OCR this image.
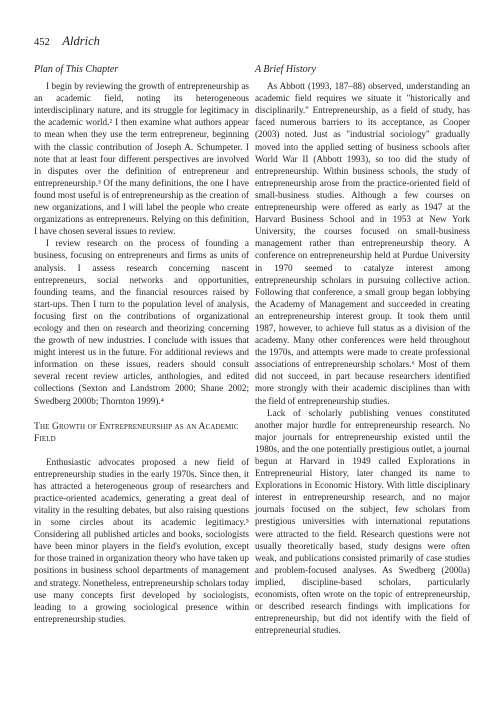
452 Aldrich
Plan of This Chapter

I begin by reviewing the growth of entrepreneurship as an academic field, noting its heterogeneous interdisciplinary nature, and its struggle for legitimacy in the academic world.² I then examine what authors appear to mean when they use the term entrepreneur, beginning with the classic contribution of Joseph A. Schumpeter. I note that at least four different perspectives are involved in disputes over the definition of entrepreneur and entrepreneurship.³ Of the many definitions, the one I have found most useful is of entrepreneurship as the creation of new organizations, and I will label the people who create organizations as entrepreneurs. Relying on this definition, I have chosen several issues to review.

I review research on the process of founding a business, focusing on entrepreneurs and firms as units of analysis. I assess research concerning nascent entrepreneurs, social networks and opportunities, founding teams, and the financial resources raised by start-ups. Then I turn to the population level of analysis, focusing first on the contributions of organizational ecology and then on research and theorizing concerning the growth of new industries. I conclude with issues that might interest us in the future. For additional reviews and information on these issues, readers should consult several recent review articles, anthologies, and edited collections (Sexton and Landstrom 2000; Shane 2002; Swedberg 2000b; Thornton 1999).⁴

The Growth of Entrepreneurship as an Academic Field

Enthusiastic advocates proposed a new field of entrepreneurship studies in the early 1970s. Since then, it has attracted a heterogeneous group of researchers and practice-oriented academics, generating a great deal of vitality in the resulting debates, but also raising questions in some circles about its academic legitimacy.⁵ Considering all published articles and books, sociologists have been minor players in the field's evolution, except for those trained in organization theory who have taken up positions in business school departments of management and strategy. Nonetheless, entrepreneurship scholars today use many concepts first developed by sociologists, leading to a growing sociological presence within entrepreneurship studies.

A Brief History

As Abbott (1993, 187–88) observed, understanding an academic field requires we situate it "historically and disciplinarily." Entrepreneurship, as a field of study, has faced numerous barriers to its acceptance, as Cooper (2003) noted. Just as "industrial sociology" gradually moved into the applied setting of business schools after World War II (Abbott 1993), so too did the study of entrepreneurship. Within business schools, the study of entrepreneurship arose from the practice-oriented field of small-business studies. Although a few courses on entrepreneurship were offered as early as 1947 at the Harvard Business School and in 1953 at New York University, the courses focused on small-business management rather than entrepreneurship theory. A conference on entrepreneurship held at Purdue University in 1970 seemed to catalyze interest among entrepreneurship scholars in pursuing collective action. Following that conference, a small group began lobbying the Academy of Management and succeeded in creating an entrepreneurship interest group. It took them until 1987, however, to achieve full status as a division of the academy. Many other conferences were held throughout the 1970s, and attempts were made to create professional associations of entrepreneurship scholars.⁶ Most of them did not succeed, in part because researchers identified more strongly with their academic disciplines than with the field of entrepreneurship studies.

Lack of scholarly publishing venues constituted another major hurdle for entrepreneurship research. No major journals for entrepreneurship existed until the 1980s, and the one potentially prestigious outlet, a journal begun at Harvard in 1949 called Explorations in Entrepreneurial History, later changed its name to Explorations in Economic History. With little disciplinary interest in entrepreneurship research, and no major journals focused on the subject, few scholars from prestigious universities with international reputations were attracted to the field. Research questions were not usually theoretically based, study designs were often weak, and publications consisted primarily of case studies and problem-focused analyses. As Swedberg (2000a) implied, discipline-based scholars, particularly economists, often wrote on the topic of entrepreneurship, or described research findings with implications for entrepreneurship, but did not identify with the field of entrepreneurial studies.
